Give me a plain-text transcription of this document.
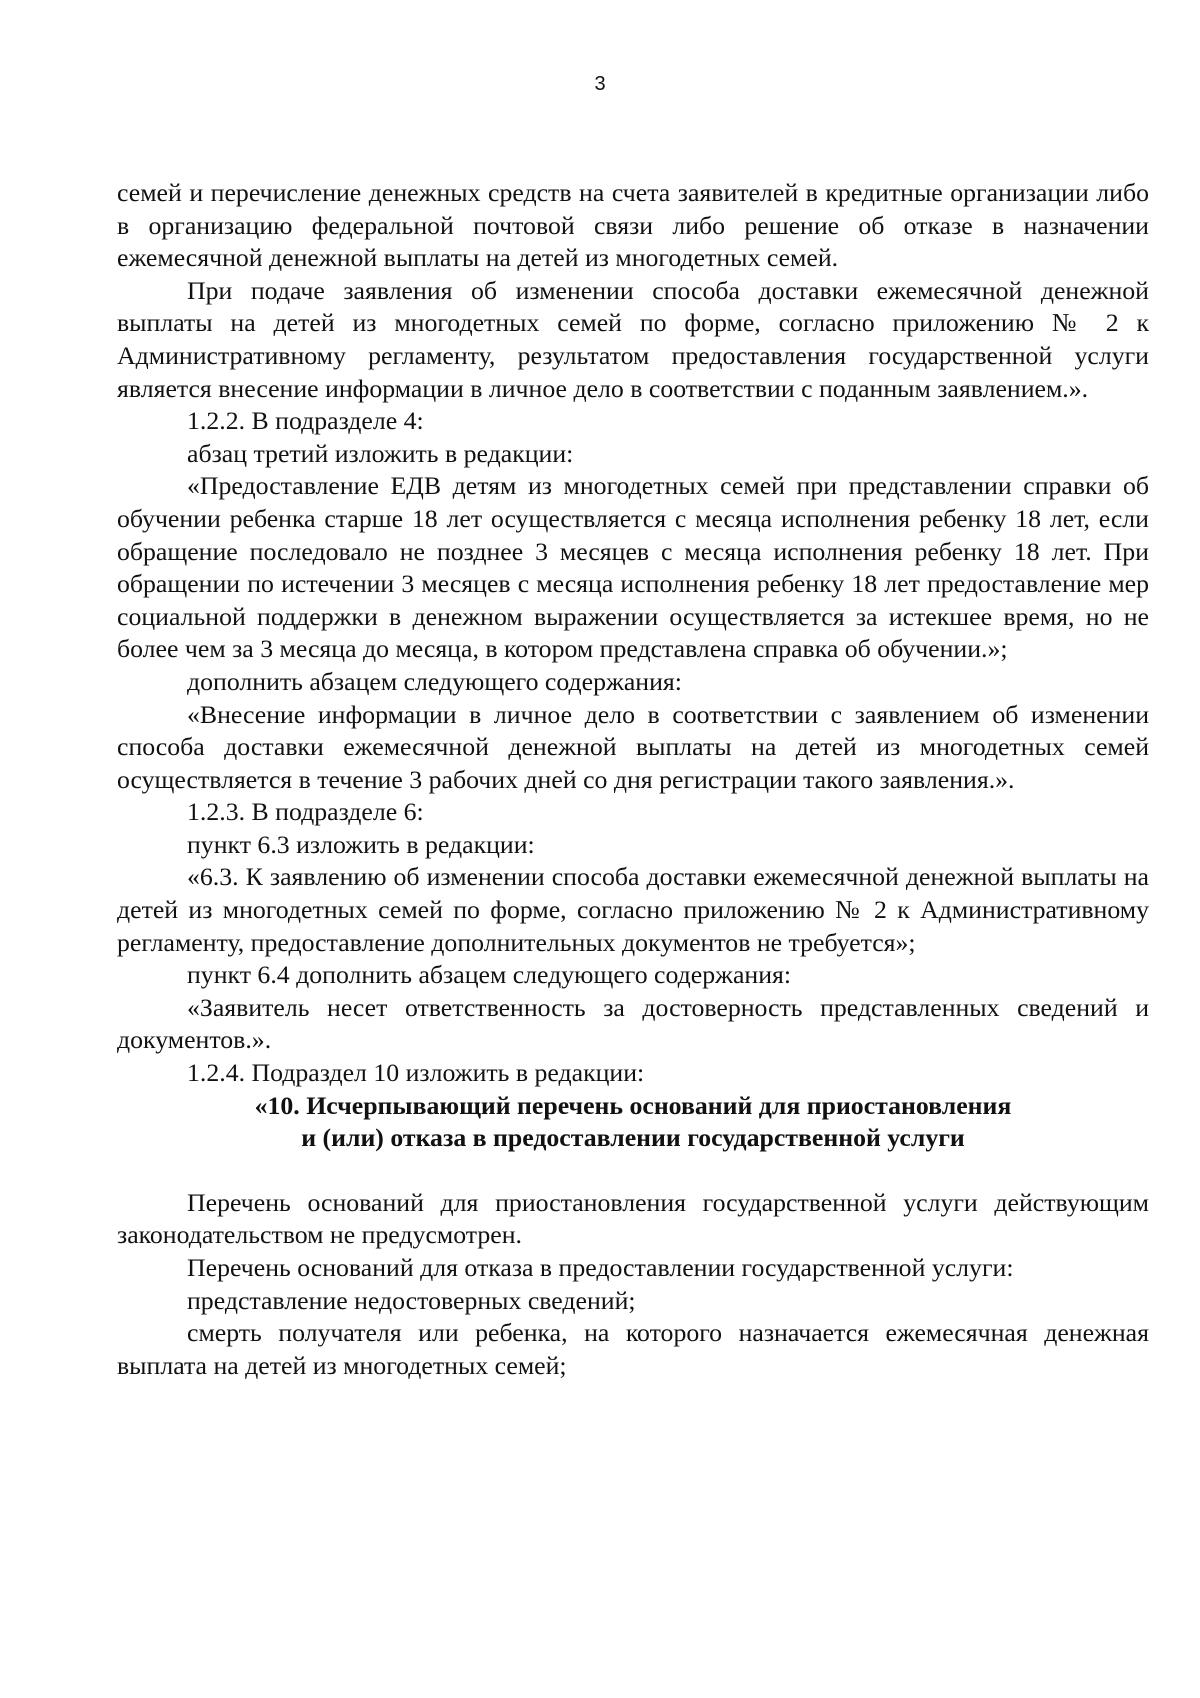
3

семей и перечисление денежных средств на счета заявителей в кредитные организации либо в организацию федеральной почтовой связи либо решение об отказе в назначении ежемесячной денежной выплаты на детей из многодетных семей.

При подаче заявления об изменении способа доставки ежемесячной денежной выплаты на детей из многодетных семей по форме, согласно приложению № 2 к Административному регламенту, результатом предоставления государственной услуги является внесение информации в личное дело в соответствии с поданным заявлением.».

1.2.2. В подразделе 4:

абзац третий изложить в редакции:

«Предоставление ЕДВ детям из многодетных семей при представлении справки об обучении ребенка старше 18 лет осуществляется с месяца исполнения ребенку 18 лет, если обращение последовало не позднее 3 месяцев с месяца исполнения ребенку 18 лет. При обращении по истечении 3 месяцев с месяца исполнения ребенку 18 лет предоставление мер социальной поддержки в денежном выражении осуществляется за истекшее время, но не более чем за 3 месяца до месяца, в котором представлена справка об обучении.»;

дополнить абзацем следующего содержания:

«Внесение информации в личное дело в соответствии с заявлением об изменении способа доставки ежемесячной денежной выплаты на детей из многодетных семей осуществляется в течение 3 рабочих дней со дня регистрации такого заявления.».

1.2.3. В подразделе 6:

пункт 6.3 изложить в редакции:

«6.3. К заявлению об изменении способа доставки ежемесячной денежной выплаты на детей из многодетных семей по форме, согласно приложению № 2 к Административному регламенту, предоставление дополнительных документов не требуется»;

пункт 6.4 дополнить абзацем следующего содержания:

«Заявитель несет ответственность за достоверность представленных сведений и документов.».

1.2.4. Подраздел 10 изложить в редакции:

«10. Исчерпывающий перечень оснований для приостановления

и (или) отказа в предоставлении государственной услуги

Перечень оснований для приостановления государственной услуги действующим законодательством не предусмотрен.

Перечень оснований для отказа в предоставлении государственной услуги:

представление недостоверных сведений;

смерть получателя или ребенка, на которого назначается ежемесячная денежная выплата на детей из многодетных семей;
